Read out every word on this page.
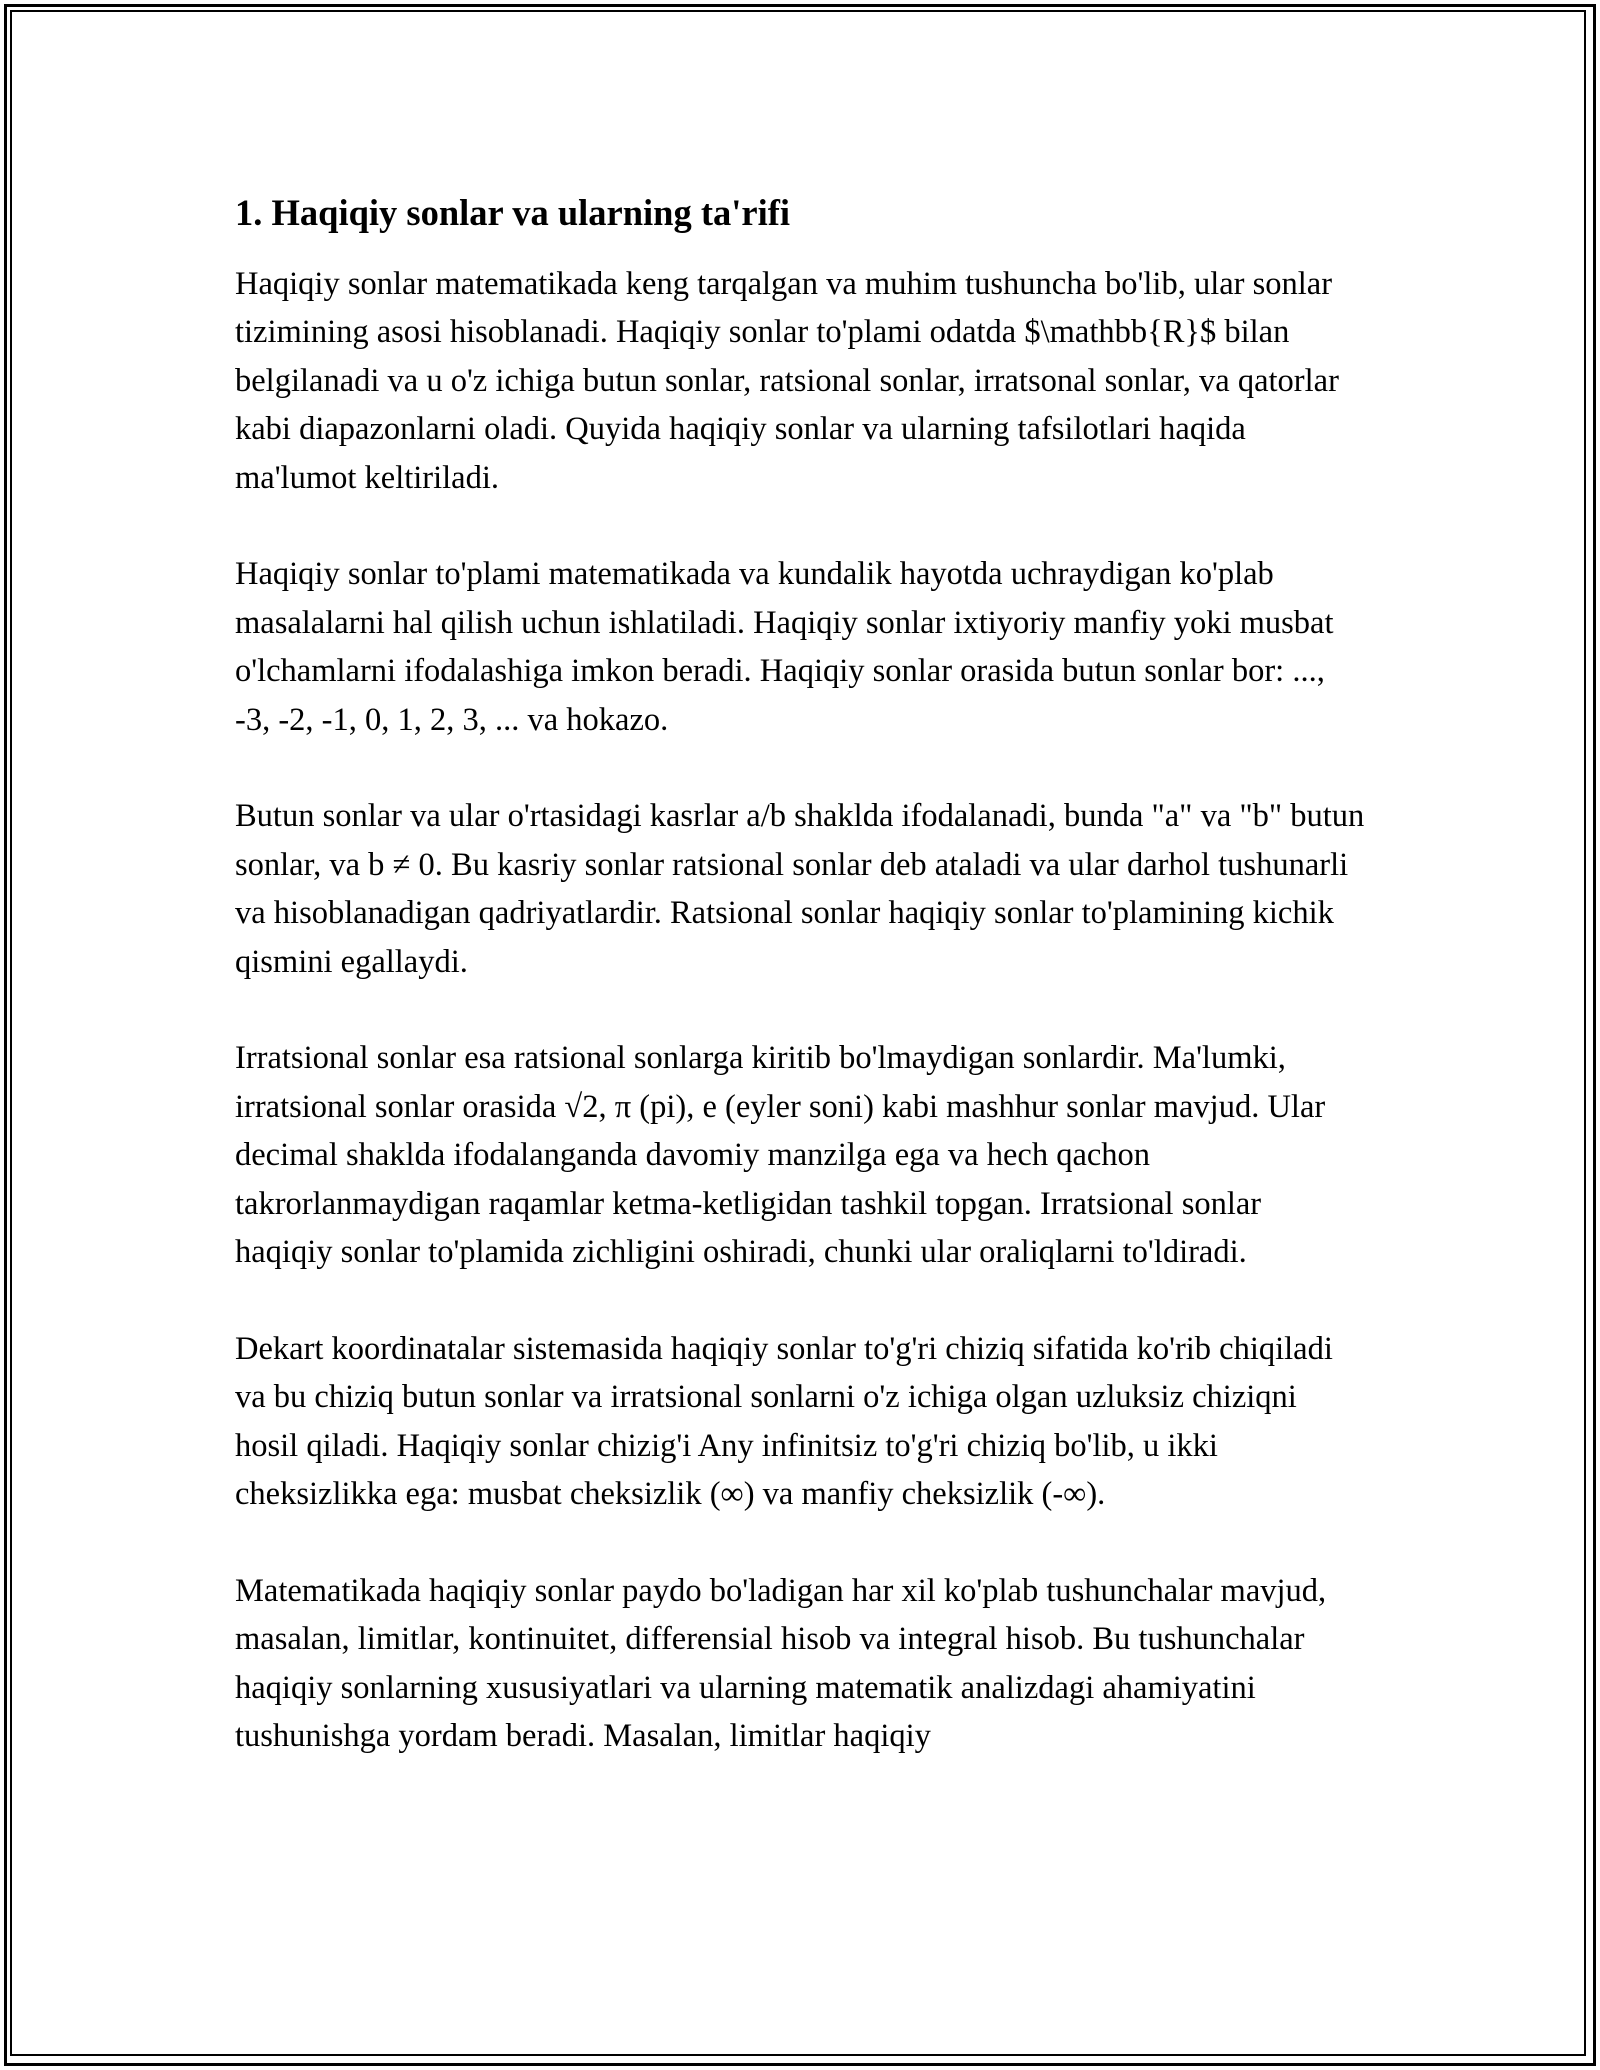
1. Haqiqiy sonlar va ularning ta'rifi

Haqiqiy sonlar matematikada keng tarqalgan va muhim tushuncha bo'lib, ular sonlar tizimining asosi hisoblanadi. Haqiqiy sonlar to'plami odatda $\mathbb{R}$ bilan belgilanadi va u o'z ichiga butun sonlar, ratsional sonlar, irratsonal sonlar, va qatorlar kabi diapazonlarni oladi. Quyida haqiqiy sonlar va ularning tafsilotlari haqida ma'lumot keltiriladi.

Haqiqiy sonlar to'plami matematikada va kundalik hayotda uchraydigan ko'plab masalalarni hal qilish uchun ishlatiladi. Haqiqiy sonlar ixtiyoriy manfiy yoki musbat o'lchamlarni ifodalashiga imkon beradi. Haqiqiy sonlar orasida butun sonlar bor: ..., -3, -2, -1, 0, 1, 2, 3, ... va hokazo.

Butun sonlar va ular o'rtasidagi kasrlar a/b shakldа ifodalanadi, bunda "a" va "b" butun sonlar, va b ≠ 0. Bu kasriy sonlar ratsional sonlar deb ataladi va ular darhol tushunarli va hisoblanadigan qadriyatlardir. Ratsional sonlar haqiqiy sonlar to'plamining kichik qismini egallaydi.

Irratsional sonlar esa ratsional sonlarga kiritib bo'lmaydigan sonlardir. Ma'lumki, irratsional sonlar orasida √2, π (pi), e (eyler soni) kabi mashhur sonlar mavjud. Ular decimal shaklda ifodalanganda davomiy manzilga ega va hech qachon takrorlanmaydigan raqamlar ketma-ketligidan tashkil topgan. Irratsional sonlar haqiqiy sonlar to'plamida zichligini oshiradi, chunki ular oraliqlarni to'ldiradi.

Dekart koordinatalar sistemasida haqiqiy sonlar to'g'ri chiziq sifatida ko'rib chiqiladi va bu chiziq butun sonlar va irratsional sonlarni o'z ichiga olgan uzluksiz chiziqni hosil qiladi. Haqiqiy sonlar chizig'i Any infinitsiz to'g'ri chiziq bo'lib, u ikki cheksizlikka ega: musbat cheksizlik (∞) va manfiy cheksizlik (-∞).

Matematikada haqiqiy sonlar paydo bo'ladigan har xil ko'plab tushunchalar mavjud, masalan, limitlar, kontinuitet, differensial hisob va integral hisob. Bu tushunchalar haqiqiy sonlarning xususiyatlari va ularning matematik analizdagi ahamiyatini tushunishga yordam beradi. Masalan, limitlar haqiqiy
